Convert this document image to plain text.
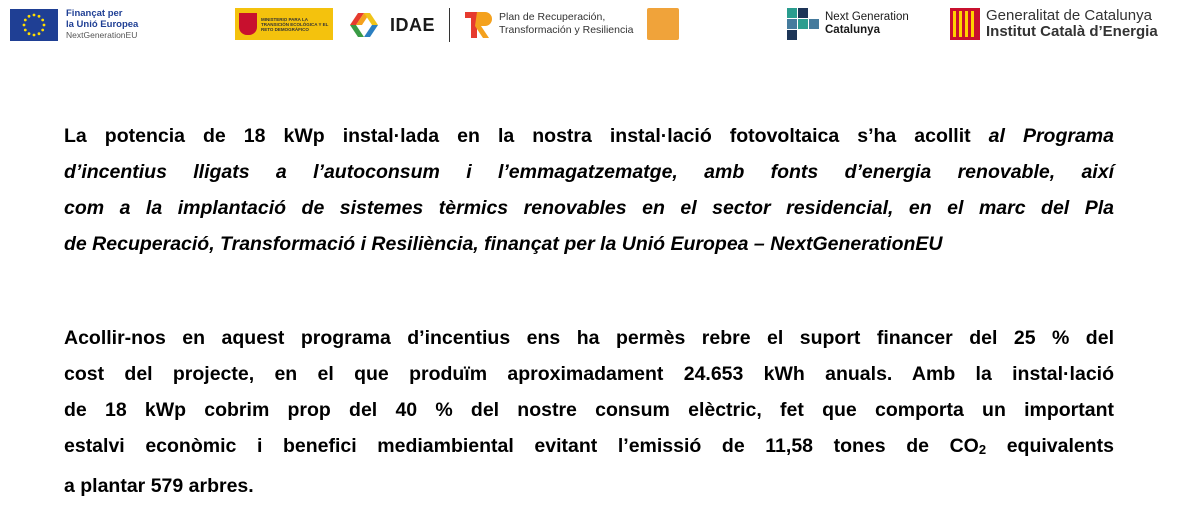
Finançat per
la Unió Europea
NextGenerationEU
MINISTERIO PARA LA TRANSICIÓN ECOLÓGICA Y EL RETO DEMOGRÁFICO	IDAE	Plan de Recuperación,
Transformación y Resiliencia
Next Generation
Catalunya
Generalitat de Catalunya
Institut Català d’Energia
La potencia de 18 kWp instal·lada en la nostra instal·lació fotovoltaica s’ha acollit al Programa
d’incentius lligats a l’autoconsum i l’emmagatzematge, amb fonts d’energia renovable, així
com a la implantació de sistemes tèrmics renovables en el sector residencial, en el marc del Pla
de Recuperació, Transformació i Resiliència, finançat per la Unió Europea – NextGenerationEU
Acollir-nos en aquest programa d’incentius ens ha permès rebre el suport financer del 25 % del
cost del projecte, en el que produïm aproximadament 24.653 kWh anuals. Amb la instal·lació
de 18 kWp cobrim prop del 40 % del nostre consum elèctric, fet que comporta un important
estalvi econòmic i benefici mediambiental evitant l’emissió de 11,58 tones de $CO_2$ equivalents
a plantar 579 arbres.
